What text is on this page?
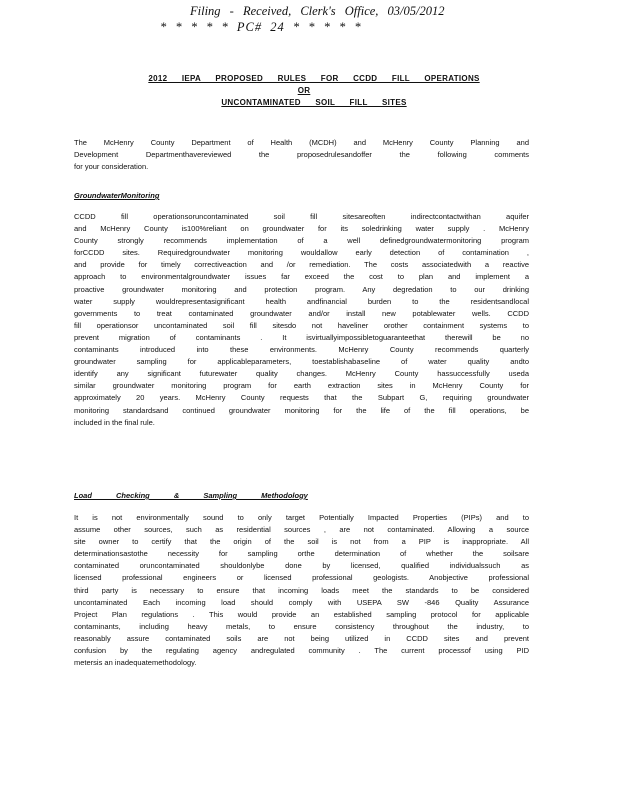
Filing - Received, Clerk's Office, 03/05/2012
* * * * * PC# 24 * * * * *
2012 IEPA PROPOSED RULES FOR CCDD FILL OPERATIONS
OR
UNCONTAMINATED SOIL FILL SITES
The McHenry County Department of Health (MCDH) and McHenry County Planning and
Development Departmenthavereviewed the proposedrulesandoffer the following comments
for your consideration.
GroundwaterMonitoring
CCDD fill operationsoruncontaminated soil fill sitesareoften indirectcontactwithan aquifer
and McHenry County is100%reliant on groundwater for its soledrinking water supply . McHenry
County strongly recommends implementation of a well definedgroundwatermonitoring program
forCCDD sites. Requiredgroundwater monitoring wouldallow early detection of contamination ,
and provide for timely correctiveaction and /or remediation. The costs associatedwith a reactive
approach to environmentalgroundwater issues far exceed the cost to plan and implement a
proactive groundwater monitoring and protection program. Any degredation to our drinking
water supply wouldrepresentasignificant health andfinancial burden to the residentsandlocal
governments to treat contaminated groundwater and/or install new potablewater wells. CCDD
fill operationsor uncontaminated soil fill sitesdo not haveliner orother containment systems to
prevent migration of contaminants . It isvirtuallyimpossibletoguaranteethat therewill be no
contaminants introduced into these environments. McHenry County recommends quarterly
groundwater sampling for applicableparameters, toestablishabaseline of water quality andto
identify any significant futurewater quality changes. McHenry County hassuccessfully useda
similar groundwater monitoring program for earth extraction sites in McHenry County for
approximately 20 years. McHenry County requests that the Subpart G, requiring groundwater
monitoring standardsand continued groundwater monitoring for the life of the fill operations, be
included in the final rule.
Load Checking & Sampling Methodology
It is not environmentally sound to only target Potentially Impacted Properties (PIPs) and to
assume other sources, such as residential sources , are not contaminated. Allowing a source
site owner to certify that the origin of the soil is not from a PIP is inappropriate. All
determinationsastothe necessity for sampling orthe determination of whether the soilsare
contaminated oruncontaminated shouldonlybe done by licensed, qualified individualssuch as
licensed professional engineers or licensed professional geologists. Anobjective professional
third party is necessary to ensure that incoming loads meet the standards to be considered
uncontaminated Each incoming load should comply with USEPA SW -846 Quality Assurance
Project Plan regulations . This would provide an established sampling protocol for applicable
contaminants, including heavy metals, to ensure consistency throughout the industry, to
reasonably assure contaminated soils are not being utilized in CCDD sites and prevent
confusion by the regulating agency andregulated community . The current processof using PID
metersis an inadequatemethodology.
